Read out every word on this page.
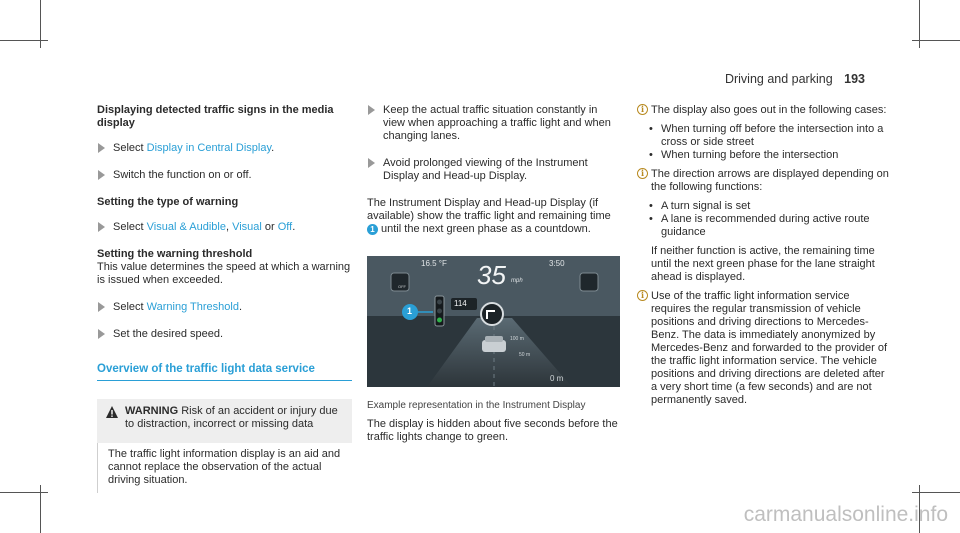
Driving and parking 193
Displaying detected traffic signs in the media display
Select Display in Central Display.
Switch the function on or off.
Setting the type of warning
Select Visual & Audible, Visual or Off.
Setting the warning threshold

This value determines the speed at which a warning is issued when exceeded.

Select Warning Threshold.
Set the desired speed.
Overview of the traffic light data service
WARNING Risk of an accident or injury due to distraction, incorrect or missing data
The traffic light information display is an aid and cannot replace the observation of the actual driving situation.
Keep the actual traffic situation constantly in view when approaching a traffic light and when changing lanes.
Avoid prolonged viewing of the Instrument Display and Head-up Display.

The Instrument Display and Head-up Display (if available) show the traffic light and remaining time 1 until the next green phase as a countdown.

16.5 °F 35 mph
3:50
114
OFF
1
100 m
50 m
0 m
Example representation in the Instrument Display
The display is hidden about five seconds before the traffic lights change to green.
i The display also goes out in the following cases:
• When turning off before the intersection into a cross or side street
• When turning before the intersection
i The direction arrows are displayed depending on the following functions:
• A turn signal is set
• A lane is recommended during active route guidance
If neither function is active, the remaining time until the next green phase for the lane straight ahead is displayed.
i Use of the traffic light information service requires the regular transmission of vehicle positions and driving directions to Mercedes-Benz. The data is immediately anonymized by Mercedes-Benz and forwarded to the provider of the traffic light information service. The vehicle positions and driving directions are deleted after a very short time (a few seconds) and are not permanently saved.
carmanualsonline.info
